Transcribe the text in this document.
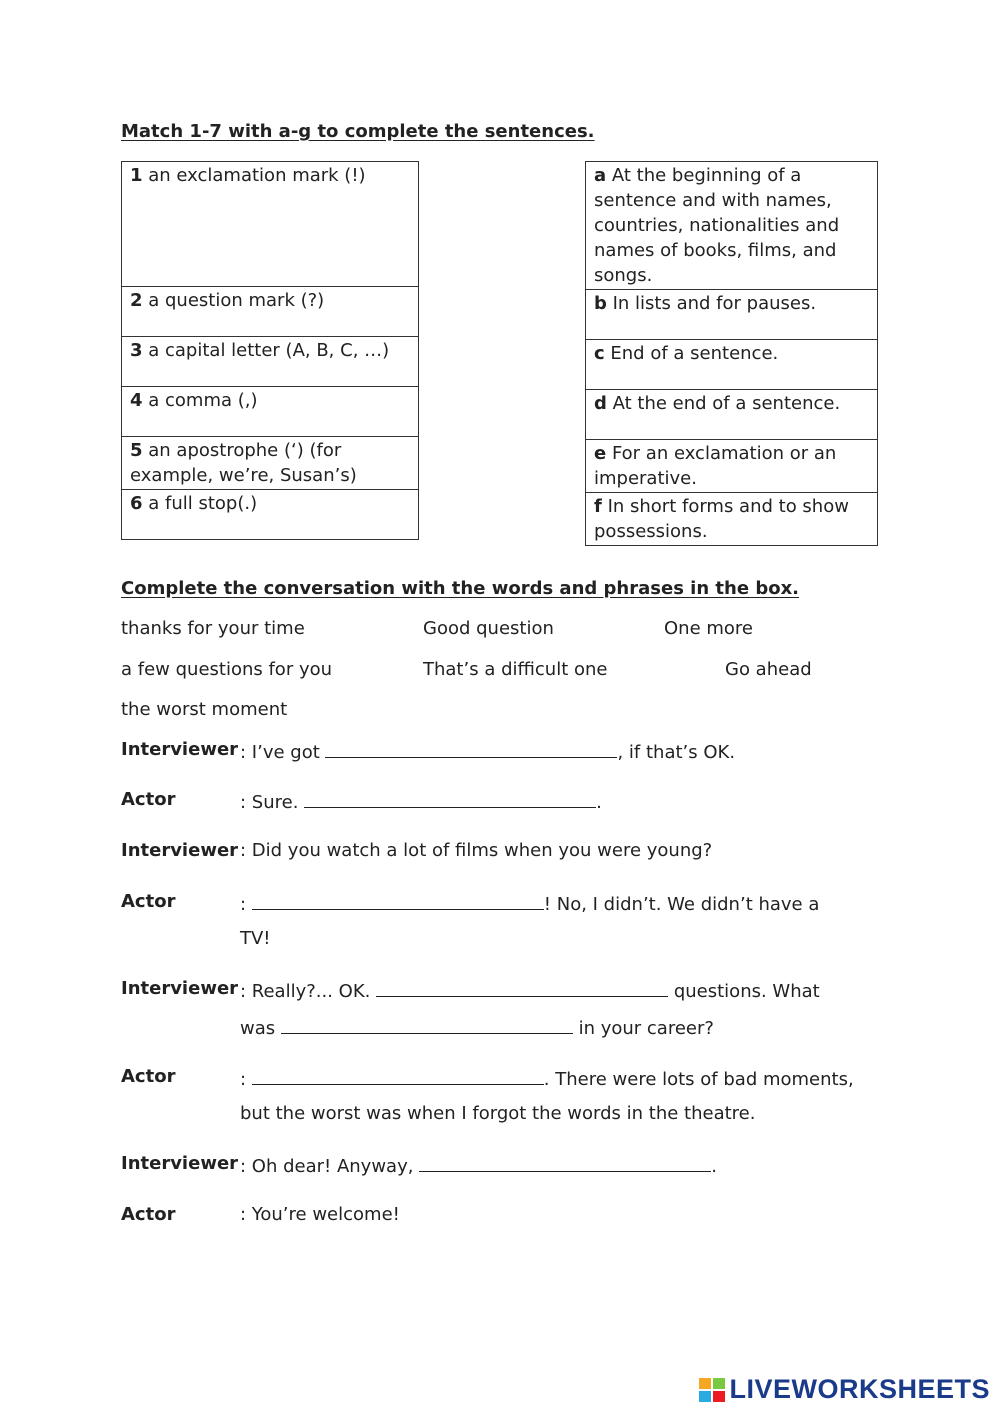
Match 1-7 with a-g to complete the sentences.
1 an exclamation mark (!)
2 a question mark (?)
3 a capital letter (A, B, C, …)
4 a comma (,)
5 an apostrophe (‘) (for example, we’re, Susan’s)
6 a full stop(.)
a At the beginning of a sentence and with names, countries, nationalities and names of books, films, and songs.
b In lists and for pauses.
c End of a sentence.
d At the end of a sentence.
e For an exclamation or an imperative.
f In short forms and to show possessions.
Complete the conversation with the words and phrases in the box.
thanks for your time	Good question	One more
a few questions for you	That’s a difficult one	Go ahead
the worst moment
Interviewer : I’ve got	, if that’s OK.
Actor	: Sure.	.
Interviewer : Did you watch a lot of films when you were young?
Actor	:	! No, I didn’t. We didn’t have a
TV!
Interviewer : Really?... OK.	questions. What
was	in your career?
Actor	:	. There were lots of bad moments,
but the worst was when I forgot the words in the theatre.
Interviewer : Oh dear! Anyway,	.
Actor	: You’re welcome!
LIVEWORKSHEETS
